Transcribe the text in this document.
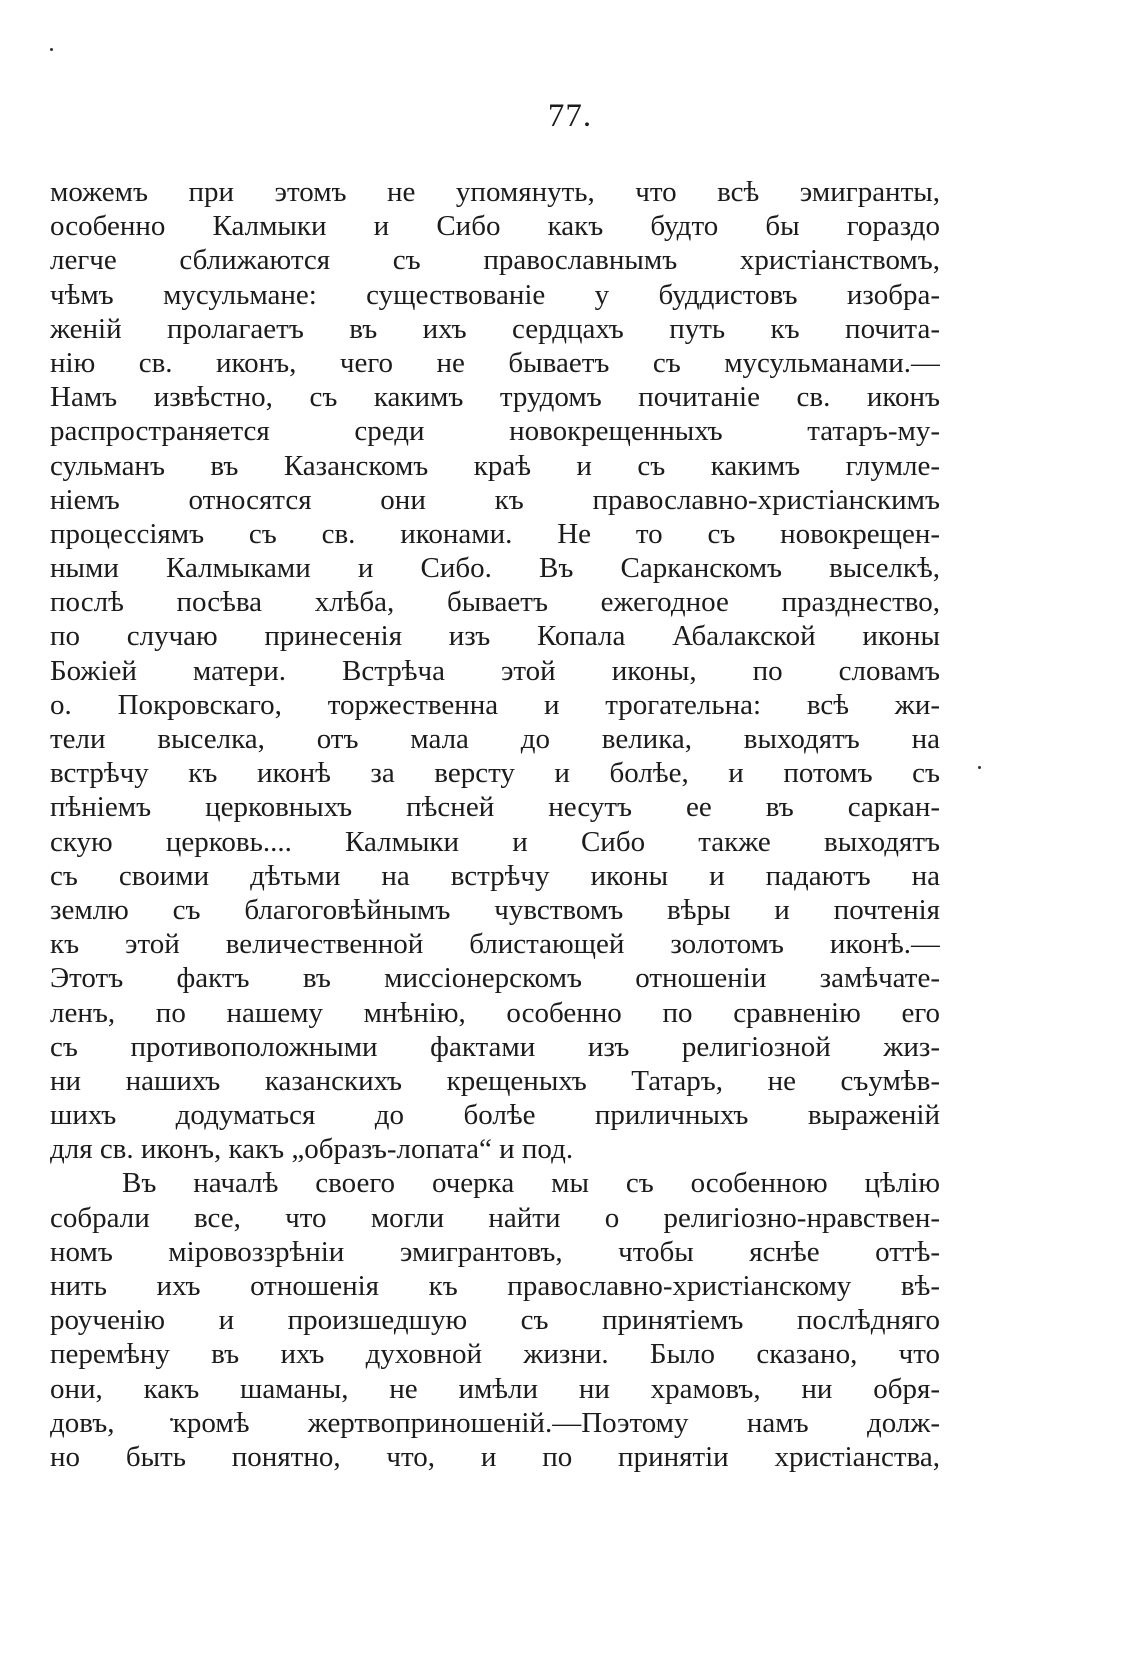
77.
можемъ при этомъ не упомянуть, что всѣ эмигранты,
особенно Калмыки и Сибо какъ будто бы гораздо
легче сближаются съ православнымъ христіанствомъ,
чѣмъ мусульмане: существованіе у буддистовъ изобра-
женій пролагаетъ въ ихъ сердцахъ путь къ почита-
нію св. иконъ, чего не бываетъ съ мусульманами.—
Намъ извѣстно, съ какимъ трудомъ почитаніе св. иконъ
распространяется среди новокрещенныхъ татаръ-му-
сульманъ въ Казанскомъ краѣ и съ какимъ глумле-
ніемъ относятся они къ православно-христіанскимъ
процессіямъ съ св. иконами. Не то съ новокрещен-
ными Калмыками и Сибо. Въ Сарканскомъ выселкѣ,
послѣ посѣва хлѣба, бываетъ ежегодное празднество,
по случаю принесенія изъ Копала Абалакской иконы
Божіей матери. Встрѣча этой иконы, по словамъ
о. Покровскаго, торжественна и трогательна: всѣ жи-
тели выселка, отъ мала до велика, выходятъ на
встрѣчу къ иконѣ за версту и болѣе, и потомъ съ
пѣніемъ церковныхъ пѣсней несутъ ее въ саркан-
скую церковь.... Калмыки и Сибо также выходятъ
съ своими дѣтьми на встрѣчу иконы и падаютъ на
землю съ благоговѣйнымъ чувствомъ вѣры и почтенія
къ этой величественной блистающей золотомъ иконѣ.—
Этотъ фактъ въ миссіонерскомъ отношеніи замѣчате-
ленъ, по нашему мнѣнію, особенно по сравненію его
съ противоположными фактами изъ религіозной жиз-
ни нашихъ казанскихъ крещеныхъ Татаръ, не съумѣв-
шихъ додуматься до болѣе приличныхъ выраженій
для св. иконъ, какъ „образъ-лопата“ и под.
Въ началѣ своего очерка мы съ особенною цѣлію
собрали все, что могли найти о религіозно-нравствен-
номъ міровоззрѣніи эмигрантовъ, чтобы яснѣе оттѣ-
нить ихъ отношенія къ православно-христіанскому вѣ-
роученію и произшедшую съ принятіемъ послѣдняго
перемѣну въ ихъ духовной жизни. Было сказано, что
они, какъ шаманы, не имѣли ни храмовъ, ни обря-
довъ, кромѣ жертвоприношеній.—Поэтому намъ долж-
но быть понятно, что, и по принятіи христіанства,
